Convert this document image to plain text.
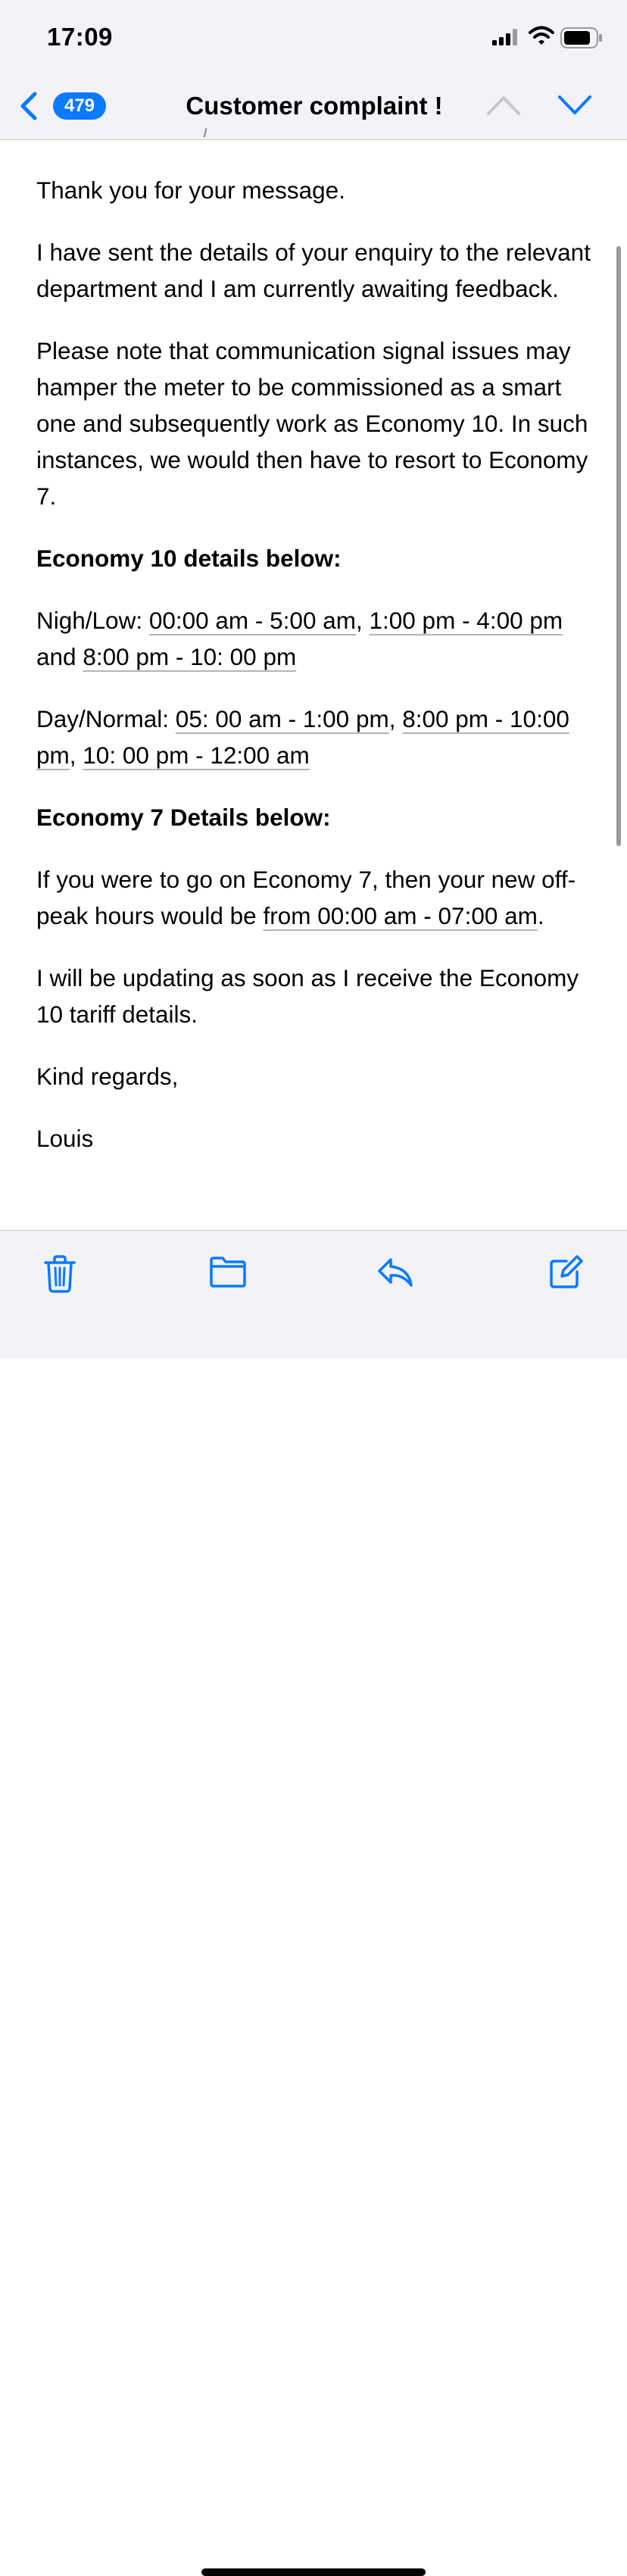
17:09
479	Customer complaint !

Thank you for your message.

I have sent the details of your enquiry to the relevant department and I am currently awaiting feedback.

Please note that communication signal issues may hamper the meter to be commissioned as a smart one and subsequently work as Economy 10. In such instances, we would then have to resort to Economy 7.

Economy 10 details below:

Nigh/Low: 00:00 am - 5:00 am, 1:00 pm - 4:00 pm and 8:00 pm - 10: 00 pm

Day/Normal: 05: 00 am - 1:00 pm, 8:00 pm - 10:00 pm, 10: 00 pm - 12:00 am

Economy 7 Details below:

If you were to go on Economy 7, then your new off-peak hours would be from 00:00 am - 07:00 am.

I will be updating as soon as I receive the Economy 10 tariff details.

Kind regards,

Louis
